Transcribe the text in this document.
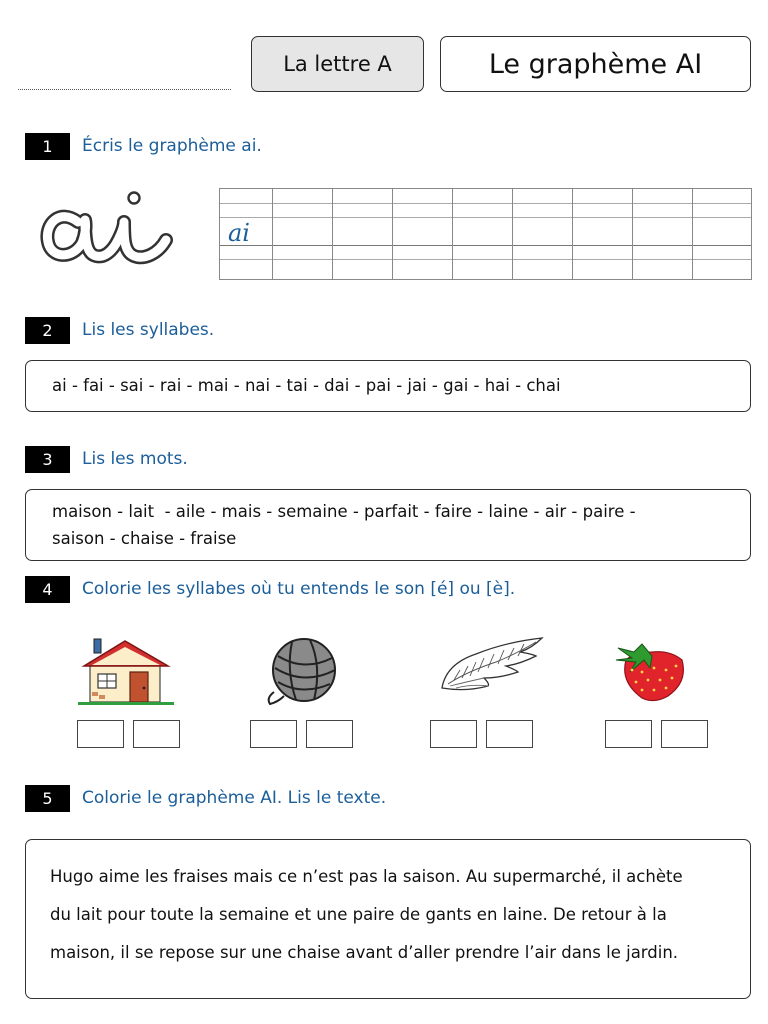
La lettre A	Le graphème AI
1	Écris le graphème ai.
ai
2	Lis les syllabes.
ai - fai - sai - rai - mai - nai - tai - dai - pai - jai - gai - hai - chai
3	Lis les mots.
maison - lait  - aile - mais - semaine - parfait - faire - laine - air - paire -
saison - chaise - fraise
4	Colorie les syllabes où tu entends le son [é] ou [è].
5	Colorie le graphème AI. Lis le texte.
Hugo aime les fraises mais ce n’est pas la saison. Au supermarché, il achète
du lait pour toute la semaine et une paire de gants en laine. De retour à la
maison, il se repose sur une chaise avant d’aller prendre l’air dans le jardin.
